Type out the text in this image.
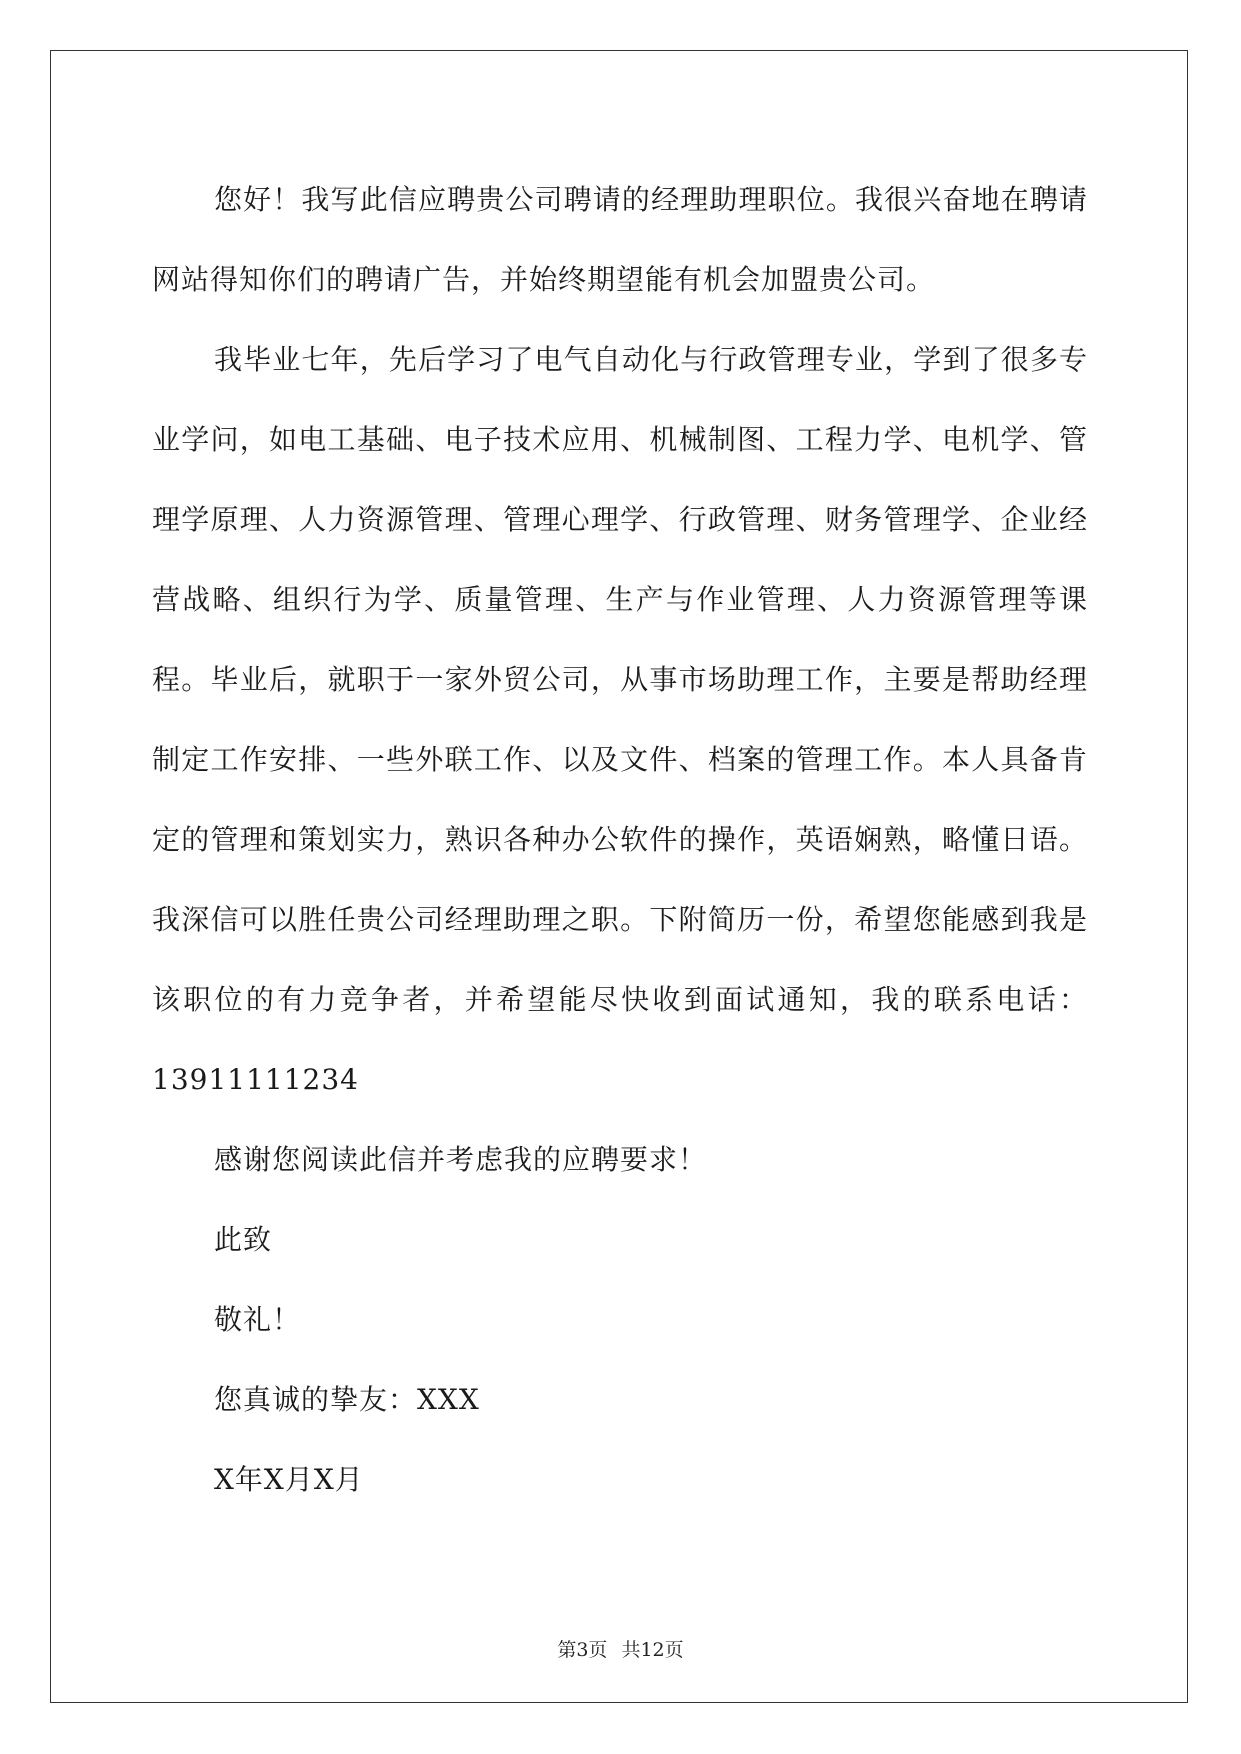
您好！我写此信应聘贵公司聘请的经理助理职位。我很兴奋地在聘请网站得知你们的聘请广告，并始终期望能有机会加盟贵公司。

我毕业七年，先后学习了电气自动化与行政管理专业，学到了很多专业学问，如电工基础、电子技术应用、机械制图、工程力学、电机学、管理学原理、人力资源管理、管理心理学、行政管理、财务管理学、企业经营战略、组织行为学、质量管理、生产与作业管理、人力资源管理等课程。毕业后，就职于一家外贸公司，从事市场助理工作，主要是帮助经理制定工作安排、一些外联工作、以及文件、档案的管理工作。本人具备肯定的管理和策划实力，熟识各种办公软件的操作，英语娴熟，略懂日语。我深信可以胜任贵公司经理助理之职。下附简历一份，希望您能感到我是该职位的有力竞争者，并希望能尽快收到面试通知，我的联系电话：13911111234

感谢您阅读此信并考虑我的应聘要求！

此致

敬礼！

您真诚的挚友：XXX

X年X月X月

第3页 共12页
